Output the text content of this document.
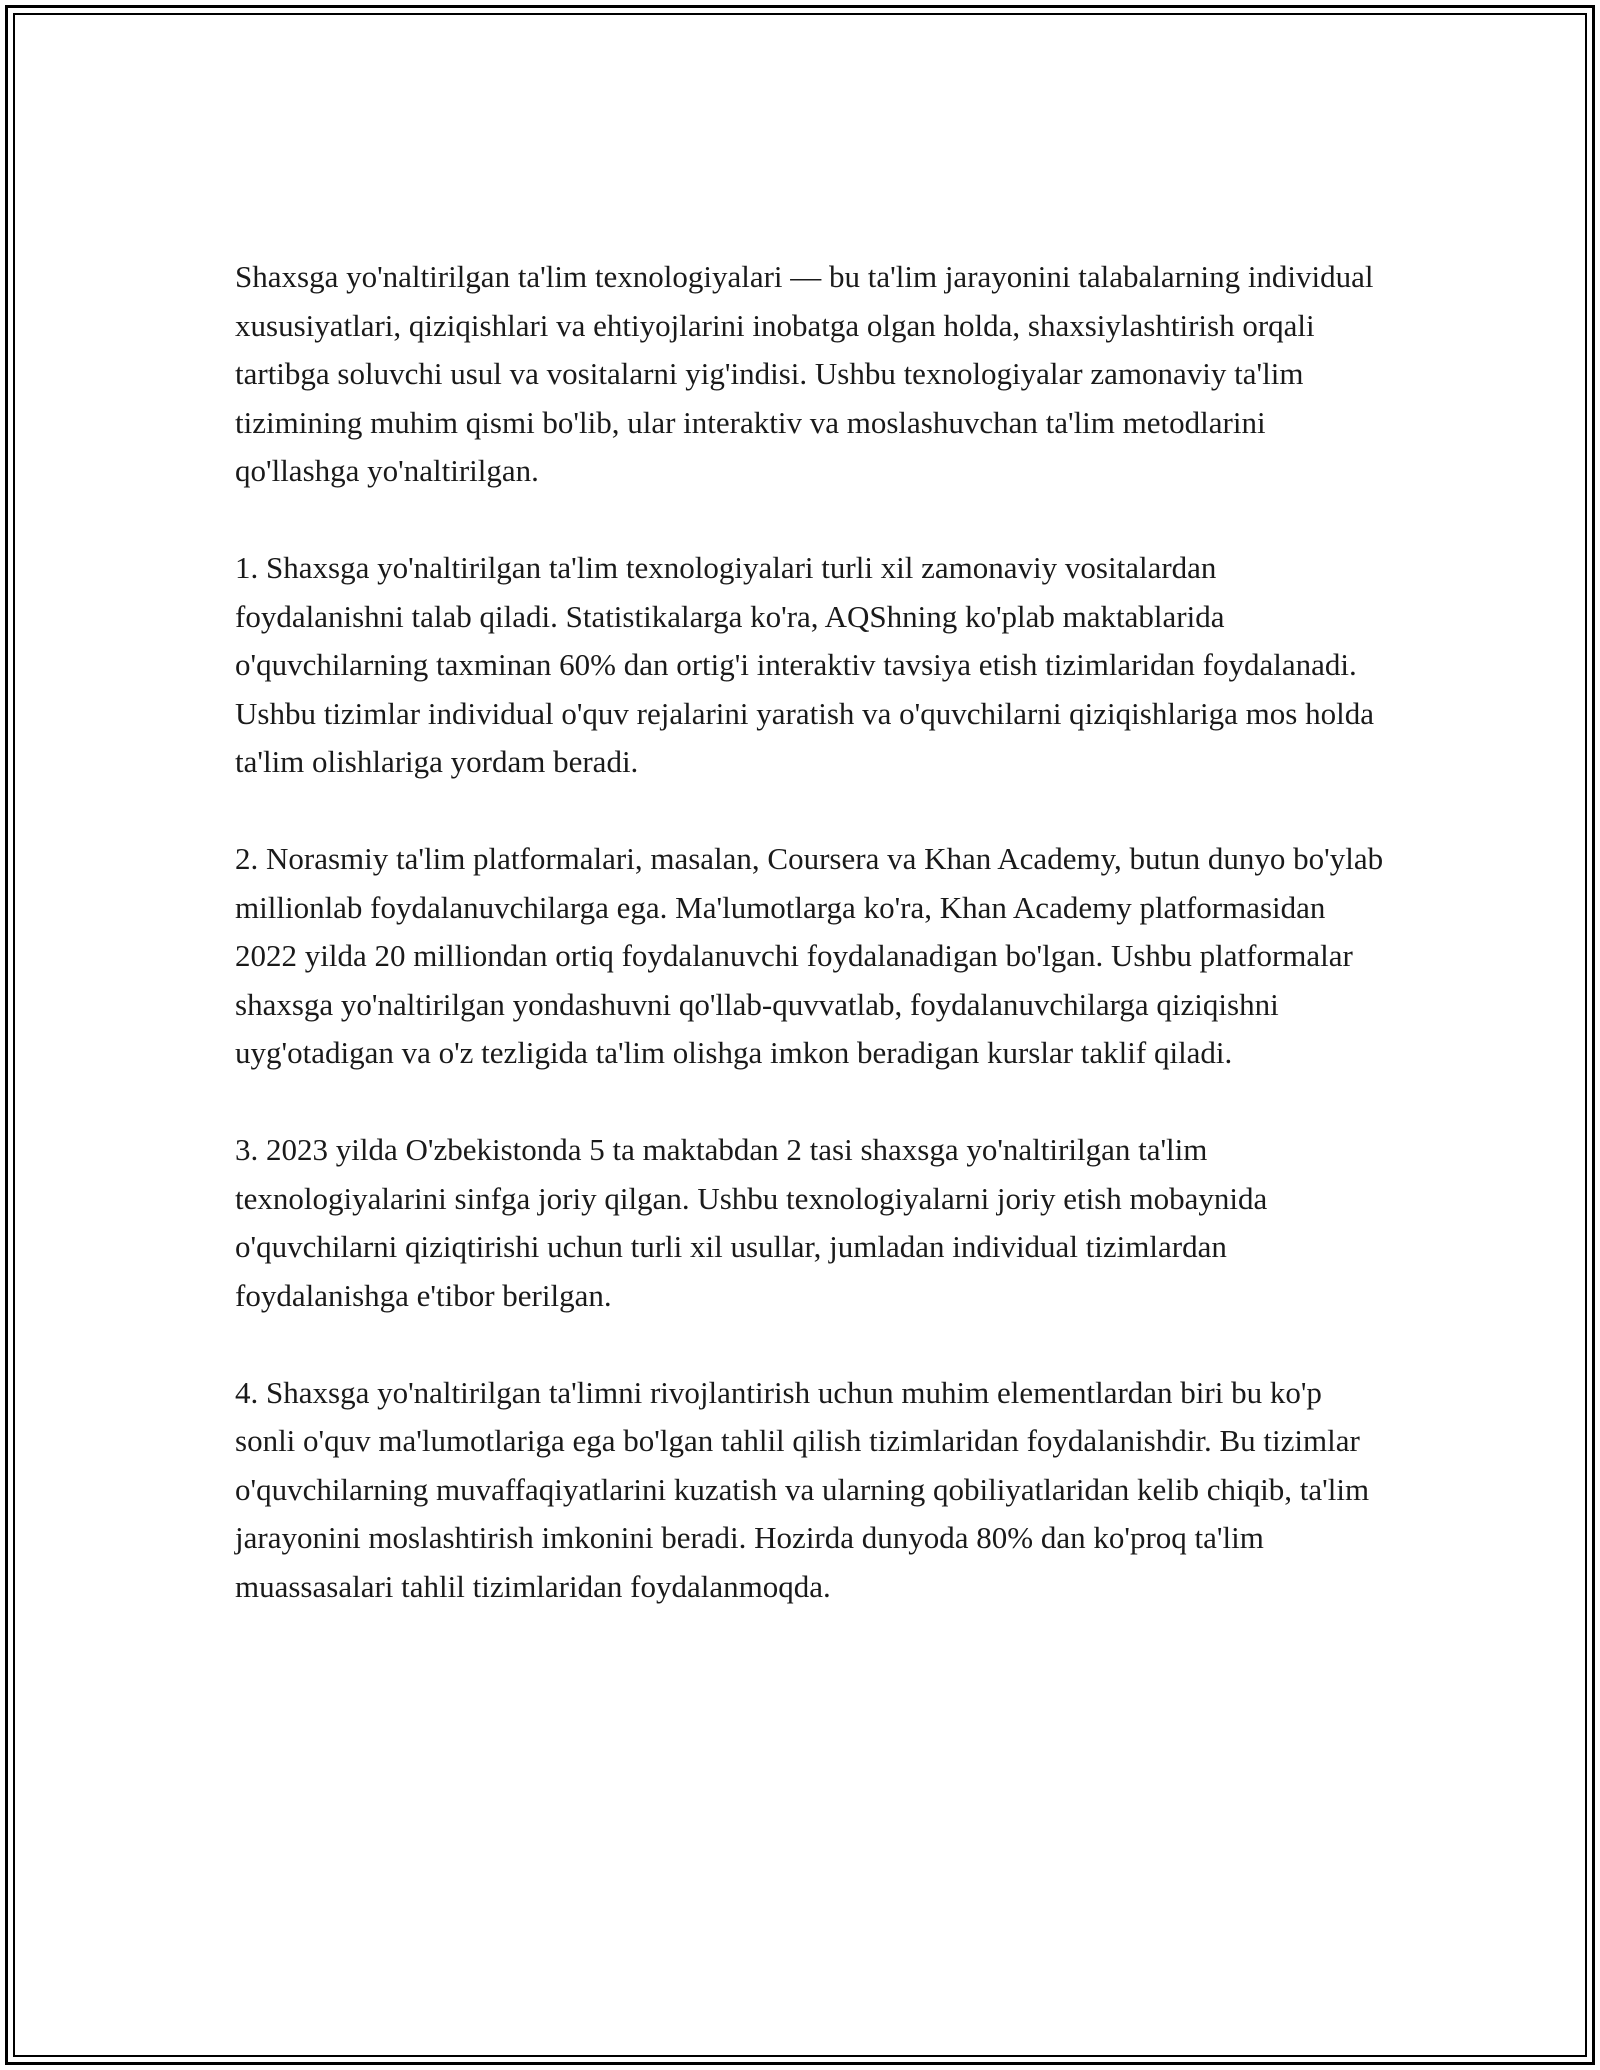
Shaxsga yo'naltirilgan ta'lim texnologiyalari — bu ta'lim jarayonini talabalarning individual xususiyatlari, qiziqishlari va ehtiyojlarini inobatga olgan holda, shaxsiylashtirish orqali tartibga soluvchi usul va vositalarni yig'indisi. Ushbu texnologiyalar zamonaviy ta'lim tizimining muhim qismi bo'lib, ular interaktiv va moslashuvchan ta'lim metodlarini qo'llashga yo'naltirilgan.

1. Shaxsga yo'naltirilgan ta'lim texnologiyalari turli xil zamonaviy vositalardan foydalanishni talab qiladi. Statistikalarga ko'ra, AQShning ko'plab maktablarida o'quvchilarning taxminan 60% dan ortig'i interaktiv tavsiya etish tizimlaridan foydalanadi. Ushbu tizimlar individual o'quv rejalarini yaratish va o'quvchilarni qiziqishlariga mos holda ta'lim olishlariga yordam beradi.

2. Norasmiy ta'lim platformalari, masalan, Coursera va Khan Academy, butun dunyo bo'ylab millionlab foydalanuvchilarga ega. Ma'lumotlarga ko'ra, Khan Academy platformasidan 2022 yilda 20 milliondan ortiq foydalanuvchi foydalanadigan bo'lgan. Ushbu platformalar shaxsga yo'naltirilgan yondashuvni qo'llab-quvvatlab, foydalanuvchilarga qiziqishni uyg'otadigan va o'z tezligida ta'lim olishga imkon beradigan kurslar taklif qiladi.

3. 2023 yilda O'zbekistonda 5 ta maktabdan 2 tasi shaxsga yo'naltirilgan ta'lim texnologiyalarini sinfga joriy qilgan. Ushbu texnologiyalarni joriy etish mobaynida o'quvchilarni qiziqtirishi uchun turli xil usullar, jumladan individual tizimlardan foydalanishga e'tibor berilgan.

4. Shaxsga yo'naltirilgan ta'limni rivojlantirish uchun muhim elementlardan biri bu ko'p sonli o'quv ma'lumotlariga ega bo'lgan tahlil qilish tizimlaridan foydalanishdir. Bu tizimlar o'quvchilarning muvaffaqiyatlarini kuzatish va ularning qobiliyatlaridan kelib chiqib, ta'lim jarayonini moslashtirish imkonini beradi. Hozirda dunyoda 80% dan ko'proq ta'lim muassasalari tahlil tizimlaridan foydalanmoqda.
